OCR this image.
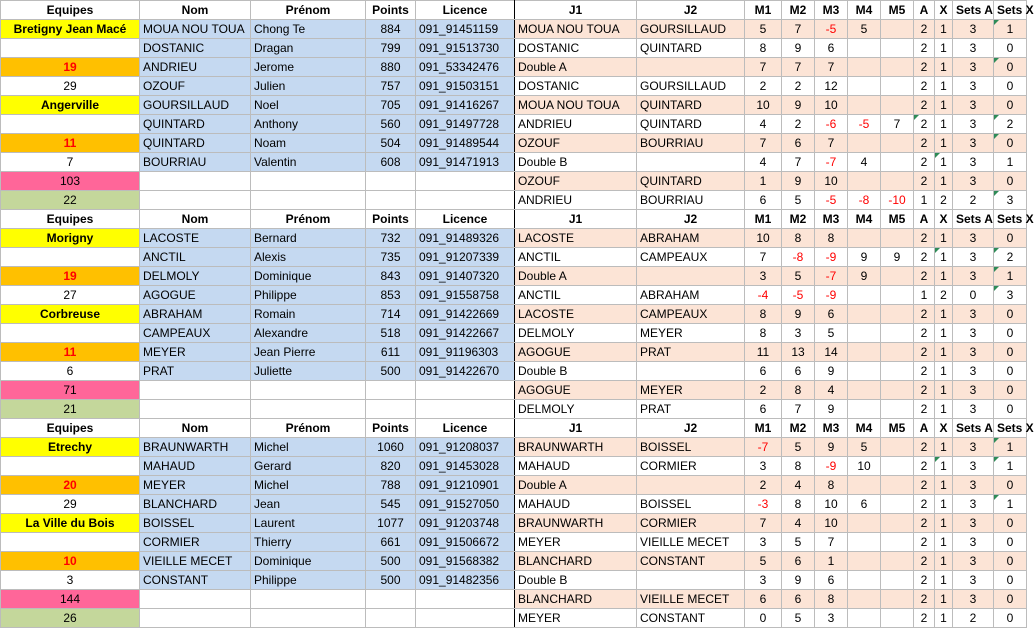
Equipes	Nom	Prénom	Points	Licence	J1	J2	M1	M2	M3	M4	M5	A	X	Sets A	Sets X
Bretigny Jean Macé	MOUA NOU TOUA	Chong Te	884	091_91451159	MOUA NOU TOUA	GOURSILLAUD	5	7	-5	5		2	1	3	1
	DOSTANIC	Dragan	799	091_91513730	DOSTANIC	QUINTARD	8	9	6			2	1	3	0
19	ANDRIEU	Jerome	880	091_53342476	Double A		7	7	7			2	1	3	0
29	OZOUF	Julien	757	091_91503151	DOSTANIC	GOURSILLAUD	2	2	12			2	1	3	0
Angerville	GOURSILLAUD	Noel	705	091_91416267	MOUA NOU TOUA	QUINTARD	10	9	10			2	1	3	0
	QUINTARD	Anthony	560	091_91497728	ANDRIEU	QUINTARD	4	2	-6	-5	7	2	1	3	2
11	QUINTARD	Noam	504	091_91489544	OZOUF	BOURRIAU	7	6	7			2	1	3	0
7	BOURRIAU	Valentin	608	091_91471913	Double B		4	7	-7	4		2	1	3	1
103					OZOUF	QUINTARD	1	9	10			2	1	3	0
22					ANDRIEU	BOURRIAU	6	5	-5	-8	-10	1	2	2	3
Equipes	Nom	Prénom	Points	Licence	J1	J2	M1	M2	M3	M4	M5	A	X	Sets A	Sets X
Morigny	LACOSTE	Bernard	732	091_91489326	LACOSTE	ABRAHAM	10	8	8			2	1	3	0
	ANCTIL	Alexis	735	091_91207339	ANCTIL	CAMPEAUX	7	-8	-9	9	9	2	1	3	2
19	DELMOLY	Dominique	843	091_91407320	Double A		3	5	-7	9		2	1	3	1
27	AGOGUE	Philippe	853	091_91558758	ANCTIL	ABRAHAM	-4	-5	-9			1	2	0	3
Corbreuse	ABRAHAM	Romain	714	091_91422669	LACOSTE	CAMPEAUX	8	9	6			2	1	3	0
	CAMPEAUX	Alexandre	518	091_91422667	DELMOLY	MEYER	8	3	5			2	1	3	0
11	MEYER	Jean Pierre	611	091_91196303	AGOGUE	PRAT	11	13	14			2	1	3	0
6	PRAT	Juliette	500	091_91422670	Double B		6	6	9			2	1	3	0
71					AGOGUE	MEYER	2	8	4			2	1	3	0
21					DELMOLY	PRAT	6	7	9			2	1	3	0
Equipes	Nom	Prénom	Points	Licence	J1	J2	M1	M2	M3	M4	M5	A	X	Sets A	Sets X
Etrechy	BRAUNWARTH	Michel	1060	091_91208037	BRAUNWARTH	BOISSEL	-7	5	9	5		2	1	3	1
	MAHAUD	Gerard	820	091_91453028	MAHAUD	CORMIER	3	8	-9	10		2	1	3	1
20	MEYER	Michel	788	091_91210901	Double A		2	4	8			2	1	3	0
29	BLANCHARD	Jean	545	091_91527050	MAHAUD	BOISSEL	-3	8	10	6		2	1	3	1
La Ville du Bois	BOISSEL	Laurent	1077	091_91203748	BRAUNWARTH	CORMIER	7	4	10			2	1	3	0
	CORMIER	Thierry	661	091_91506672	MEYER	VIEILLE MECET	3	5	7			2	1	3	0
10	VIEILLE MECET	Dominique	500	091_91568382	BLANCHARD	CONSTANT	5	6	1			2	1	3	0
3	CONSTANT	Philippe	500	091_91482356	Double B		3	9	6			2	1	3	0
144					BLANCHARD	VIEILLE MECET	6	6	8			2	1	3	0
26					MEYER	CONSTANT	0	5	3			2	1	2	0
